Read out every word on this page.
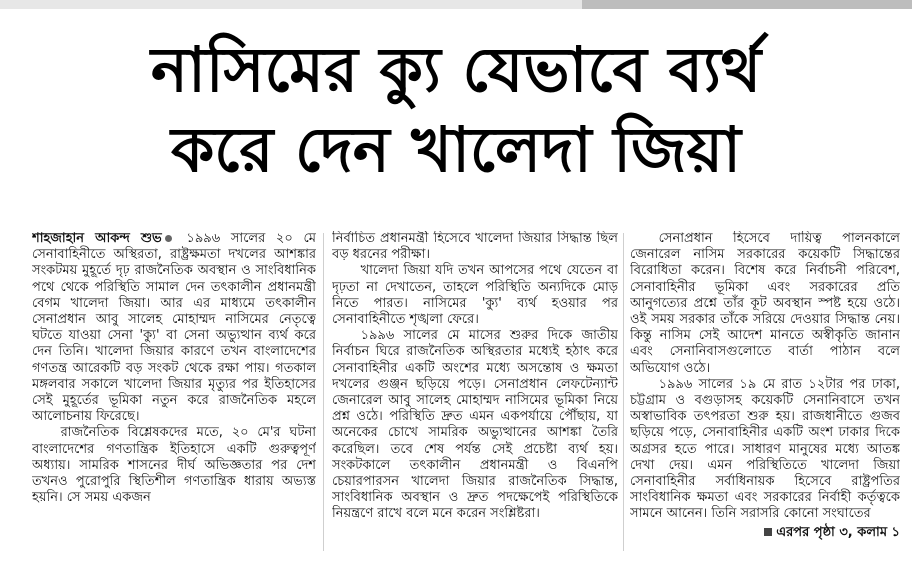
নাসিমের ক্যু যেভাবে ব্যর্থ
করে দেন খালেদা জিয়া

শাহজাহান আকন্দ শুভ ১৯৯৬ সালের ২০ মে সেনাবাহিনীতে অস্থিরতা, রাষ্ট্রক্ষমতা দখলের আশঙ্কার সংকটময় মুহূর্তে দৃঢ় রাজনৈতিক অবস্থান ও সাংবিধানিক পথে থেকে পরিস্থিতি সামাল দেন তৎকালীন প্রধানমন্ত্রী বেগম খালেদা জিয়া। আর এর মাধ্যমে তৎকালীন সেনাপ্রধান আবু সালেহ মোহাম্মদ নাসিমের নেতৃত্বে ঘটতে যাওয়া সেনা 'ক্যু' বা সেনা অভ্যুত্থান ব্যর্থ করে দেন তিনি। খালেদা জিয়ার কারণে তখন বাংলাদেশের গণতন্ত্র আরেকটি বড় সংকট থেকে রক্ষা পায়। গতকাল মঙ্গলবার সকালে খালেদা জিয়ার মৃত্যুর পর ইতিহাসের সেই মুহূর্তের ভূমিকা নতুন করে রাজনৈতিক মহলে আলোচনায় ফিরেছে।

রাজনৈতিক বিশ্লেষকদের মতে, ২০ মে'র ঘটনা বাংলাদেশের গণতান্ত্রিক ইতিহাসে একটি গুরুত্বপূর্ণ অধ্যায়। সামরিক শাসনের দীর্ঘ অভিজ্ঞতার পর দেশ তখনও পুরোপুরি স্থিতিশীল গণতান্ত্রিক ধারায় অভ্যস্ত হয়নি। সে সময় একজন

নির্বাচিত প্রধানমন্ত্রী হিসেবে খালেদা জিয়ার সিদ্ধান্ত ছিল বড় ধরনের পরীক্ষা।

খালেদা জিয়া যদি তখন আপসের পথে যেতেন বা দৃঢ়তা না দেখাতেন, তাহলে পরিস্থিতি অন্যদিকে মোড় নিতে পারত। নাসিমের 'ক্যু' ব্যর্থ হওয়ার পর সেনাবাহিনীতে শৃঙ্খলা ফেরে।

১৯৯৬ সালের মে মাসের শুরুর দিকে জাতীয় নির্বাচন ঘিরে রাজনৈতিক অস্থিরতার মধ্যেই হঠাৎ করে সেনাবাহিনীর একটি অংশের মধ্যে অসন্তোষ ও ক্ষমতা দখলের গুঞ্জন ছড়িয়ে পড়ে। সেনাপ্রধান লেফটেন্যান্ট জেনারেল আবু সালেহ মোহাম্মদ নাসিমের ভূমিকা নিয়ে প্রশ্ন ওঠে। পরিস্থিতি দ্রুত এমন একপর্যায়ে পৌঁছায়, যা অনেকের চোখে সামরিক অভ্যুত্থানের আশঙ্কা তৈরি করেছিল। তবে শেষ পর্যন্ত সেই প্রচেষ্টা ব্যর্থ হয়। সংকটকালে তৎকালীন প্রধানমন্ত্রী ও বিএনপি চেয়ারপারসন খালেদা জিয়ার রাজনৈতিক সিদ্ধান্ত, সাংবিধানিক অবস্থান ও দ্রুত পদক্ষেপেই পরিস্থিতিকে নিয়ন্ত্রণে রাখে বলে মনে করেন সংশ্লিষ্টরা।

সেনাপ্রধান হিসেবে দায়িত্ব পালনকালে জেনারেল নাসিম সরকারের কয়েকটি সিদ্ধান্তের বিরোধিতা করেন। বিশেষ করে নির্বাচনী পরিবেশ, সেনাবাহিনীর ভূমিকা এবং সরকারের প্রতি আনুগত্যের প্রশ্নে তাঁর কূট অবস্থান স্পষ্ট হয়ে ওঠে। ওই সময় সরকার তাঁকে সরিয়ে দেওয়ার সিদ্ধান্ত নেয়। কিন্তু নাসিম সেই আদেশ মানতে অস্বীকৃতি জানান এবং সেনানিবাসগুলোতে বার্তা পাঠান বলে অভিযোগ ওঠে।

১৯৯৬ সালের ১৯ মে রাত ১২টার পর ঢাকা, চট্টগ্রাম ও বগুড়াসহ কয়েকটি সেনানিবাসে তখন অস্বাভাবিক তৎপরতা শুরু হয়। রাজধানীতে গুজব ছড়িয়ে পড়ে, সেনাবাহিনীর একটি অংশ ঢাকার দিকে অগ্রসর হতে পারে। সাধারণ মানুষের মধ্যে আতঙ্ক দেখা দেয়। এমন পরিস্থিতিতে খালেদা জিয়া সেনাবাহিনীর সর্বাধিনায়ক হিসেবে রাষ্ট্রপতির সাংবিধানিক ক্ষমতা এবং সরকারের নির্বাহী কর্তৃত্বকে সামনে আনেন। তিনি সরাসরি কোনো সংঘাতের

এরপর পৃষ্ঠা ৩, কলাম ১
